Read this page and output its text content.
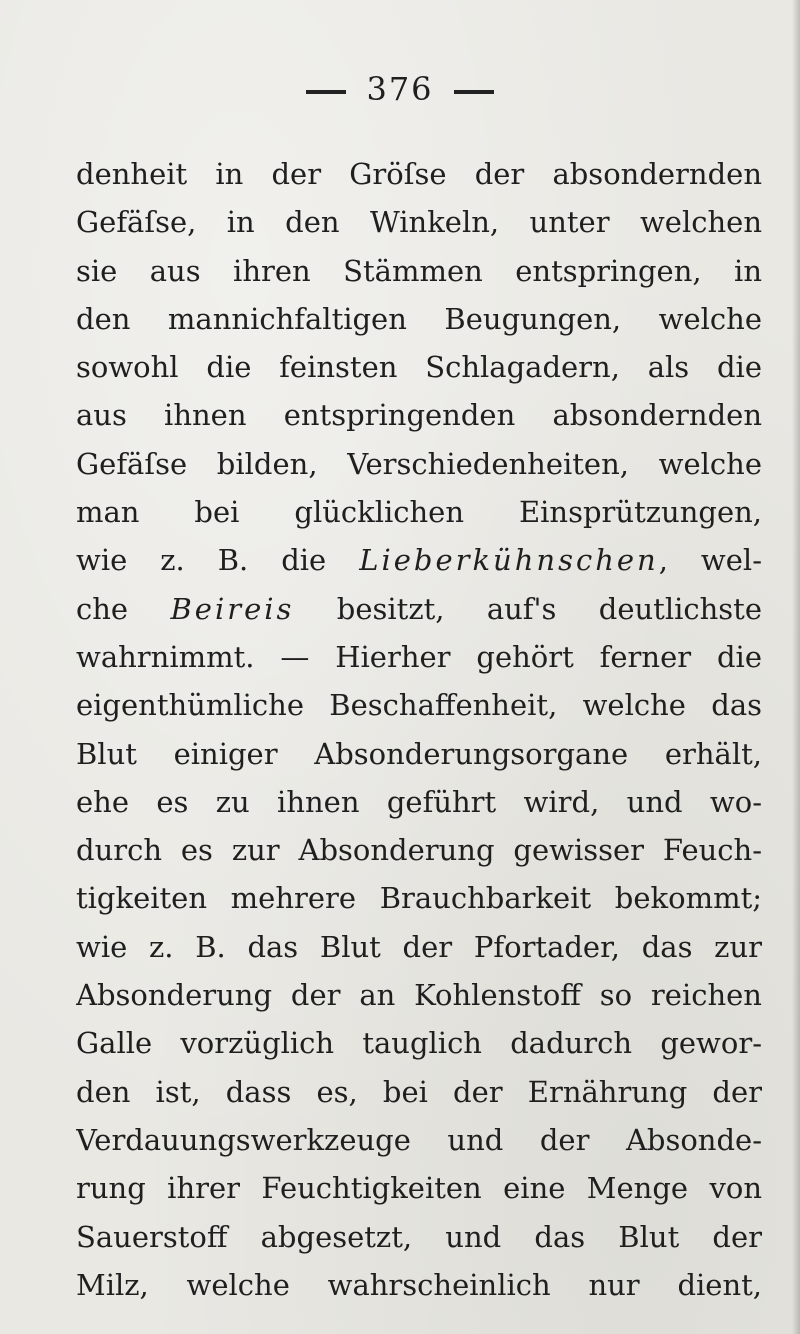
376
denheit in der Gröſse der absondernden
Gefäſse, in den Winkeln, unter welchen
sie aus ihren Stämmen entspringen, in
den mannichfaltigen Beugungen, welche
sowohl die feinsten Schlagadern, als die
aus ihnen entspringenden absondernden
Gefäſse bilden, Verschiedenheiten, welche
man bei glücklichen Einsprützungen,
wie z. B. die Lieberkühnschen, wel-
che Beireis besitzt, auf's deutlichste
wahrnimmt. — Hierher gehört ferner die
eigenthümliche Beschaffenheit, welche das
Blut einiger Absonderungsorgane erhält,
ehe es zu ihnen geführt wird, und wo-
durch es zur Absonderung gewisser Feuch-
tigkeiten mehrere Brauchbarkeit bekommt;
wie z. B. das Blut der Pfortader, das zur
Absonderung der an Kohlenstoff so reichen
Galle vorzüglich tauglich dadurch gewor-
den ist, dass es, bei der Ernährung der
Verdauungswerkzeuge und der Absonde-
rung ihrer Feuchtigkeiten eine Menge von
Sauerstoff abgesetzt, und das Blut der
Milz, welche wahrscheinlich nur dient,
